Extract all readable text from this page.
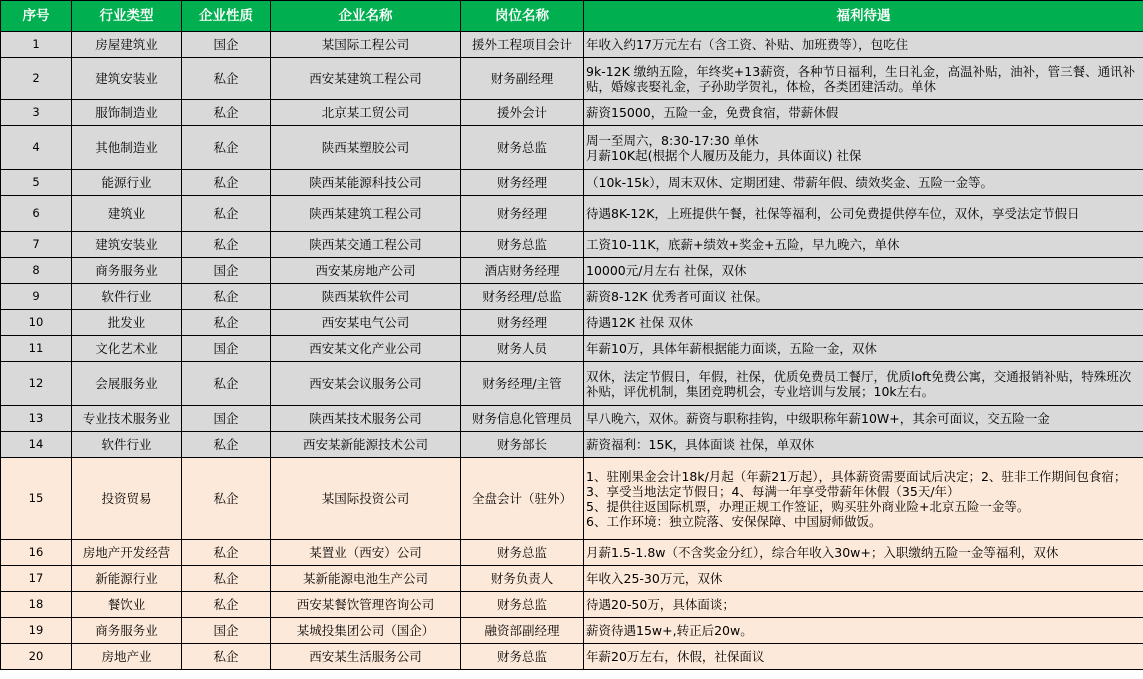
序号	行业类型	企业性质	企业名称	岗位名称	福利待遇
1	房屋建筑业	国企	某国际工程公司	援外工程项目会计	年收入约17万元左右（含工资、补贴、加班费等），包吃住
2	建筑安装业	私企	西安某建筑工程公司	财务副经理	9k-12K 缴纳五险，年终奖+13薪资，各种节日福利，生日礼金，高温补贴，油补，管三餐、通讯补贴，婚嫁丧娶礼金，子孙助学贺礼，体检，各类团建活动。单休
3	服饰制造业	私企	北京某工贸公司	援外会计	薪资15000，五险一金，免费食宿，带薪休假
4	其他制造业	私企	陕西某塑胶公司	财务总监	周一至周六，8:30-17:30 单休
月薪10K起(根据个人履历及能力，具体面议) 社保
5	能源行业	私企	陕西某能源科技公司	财务经理	（10k-15k），周末双休、定期团建、带薪年假、绩效奖金、五险一金等。
6	建筑业	私企	陕西某建筑工程公司	财务经理	待遇8K-12K，上班提供午餐，社保等福利，公司免费提供停车位，双休，享受法定节假日
7	建筑安装业	私企	陕西某交通工程公司	财务总监	工资10-11K，底薪+绩效+奖金+五险，早九晚六，单休
8	商务服务业	国企	西安某房地产公司	酒店财务经理	10000元/月左右 社保，双休
9	软件行业	私企	陕西某软件公司	财务经理/总监	薪资8-12K 优秀者可面议 社保。
10	批发业	私企	西安某电气公司	财务经理	待遇12K 社保 双休
11	文化艺术业	国企	西安某文化产业公司	财务人员	年薪10万，具体年薪根据能力面谈，五险一金，双休
12	会展服务业	私企	西安某会议服务公司	财务经理/主管	双休，法定节假日，年假，社保，优质免费员工餐厅，优质loft免费公寓，交通报销补贴，特殊班次补贴，评优机制，集团竞聘机会，专业培训与发展；10k左右。
13	专业技术服务业	国企	陕西某技术服务公司	财务信息化管理员	早八晚六，双休。薪资与职称挂钩，中级职称年薪10W+，其余可面议，交五险一金
14	软件行业	私企	西安某新能源技术公司	财务部长	薪资福利：15K，具体面谈 社保，单双休
15	投资贸易	私企	某国际投资公司	全盘会计（驻外）	1、驻刚果金会计18k/月起（年薪21万起），具体薪资需要面试后决定；2、驻非工作期间包食宿；3、享受当地法定节假日；4、每满一年享受带薪年休假（35天/年）
5、提供往返国际机票，办理正规工作签证，购买驻外商业险+北京五险一金等。
6、工作环境：独立院落、安保保障、中国厨师做饭。
16	房地产开发经营	私企	某置业（西安）公司	财务总监	月薪1.5-1.8w（不含奖金分红），综合年收入30w+；入职缴纳五险一金等福利，双休
17	新能源行业	私企	某新能源电池生产公司	财务负责人	年收入25-30万元，双休
18	餐饮业	私企	西安某餐饮管理咨询公司	财务总监	待遇20-50万，具体面谈；
19	商务服务业	国企	某城投集团公司（国企）	融资部副经理	薪资待遇15w+,转正后20w。
20	房地产业	私企	西安某生活服务公司	财务总监	年薪20万左右，休假，社保面议
